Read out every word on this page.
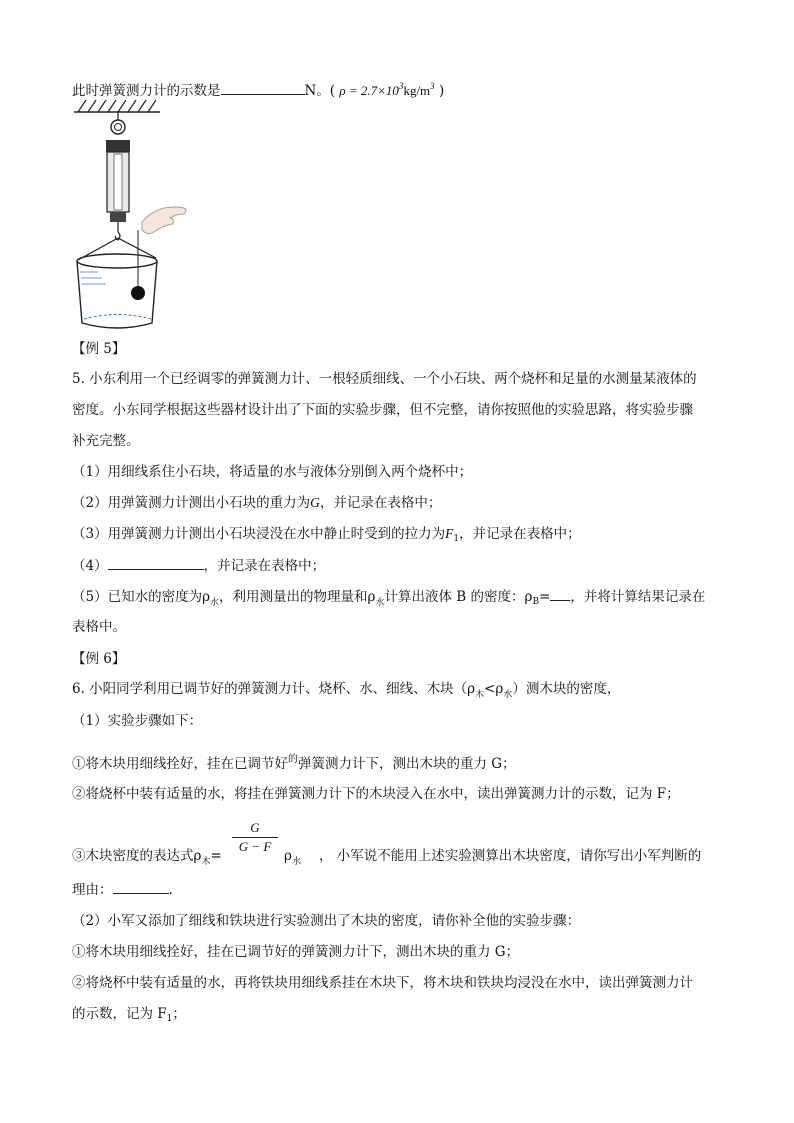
此时弹簧测力计的示数是	N。( $\rho = 2.7\times 10^3kg/m^3$ )
【例 5】
5. 小东利用一个已经调零的弹簧测力计、一根轻质细线、一个小石块、两个烧杯和足量的水测量某液体的
密度。小东同学根据这些器材设计出了下面的实验步骤，但不完整，请你按照他的实验思路，将实验步骤
补充完整。
（1）用细线系住小石块，将适量的水与液体分别倒入两个烧杯中；
（2）用弹簧测力计测出小石块的重力为G，并记录在表格中；
（3）用弹簧测力计测出小石块浸没在水中静止时受到的拉力为$F_1$，并记录在表格中；
（4）	，并记录在表格中；
（5）已知水的密度为$\rho_水$，利用测量出的物理量和$\rho_水$计算出液体 B 的密度：$\rho_B=$ ，并将计算结果记录在
表格中。
【例 6】
6. 小阳同学利用已调节好的弹簧测力计、烧杯、水、细线、木块$(\rho_木<\rho_水)$测木块的密度，
（1）实验步骤如下：
①将木块用细线拴好，挂在已调节好$^的$弹簧测力计下，测出木块的重力 G；
②将烧杯中装有适量的水，将挂在弹簧测力计下的木块浸入在水中，读出弹簧测力计的示数，记为 F；
③木块密度的表达式$\rho_木=$
G
G − F
$\rho_水$ ， 小军说不能用上述实验测算出木块密度，请你写出小军判断的
理由：	.
（2）小军又添加了细线和铁块进行实验测出了木块的密度，请你补全他的实验步骤：
①将木块用细线拴好，挂在已调节好的弹簧测力计下，测出木块的重力 G；
②将烧杯中装有适量的水，再将铁块用细线系挂在木块下，将木块和铁块均浸没在水中，读出弹簧测力计
的示数，记为 $F_1$；
